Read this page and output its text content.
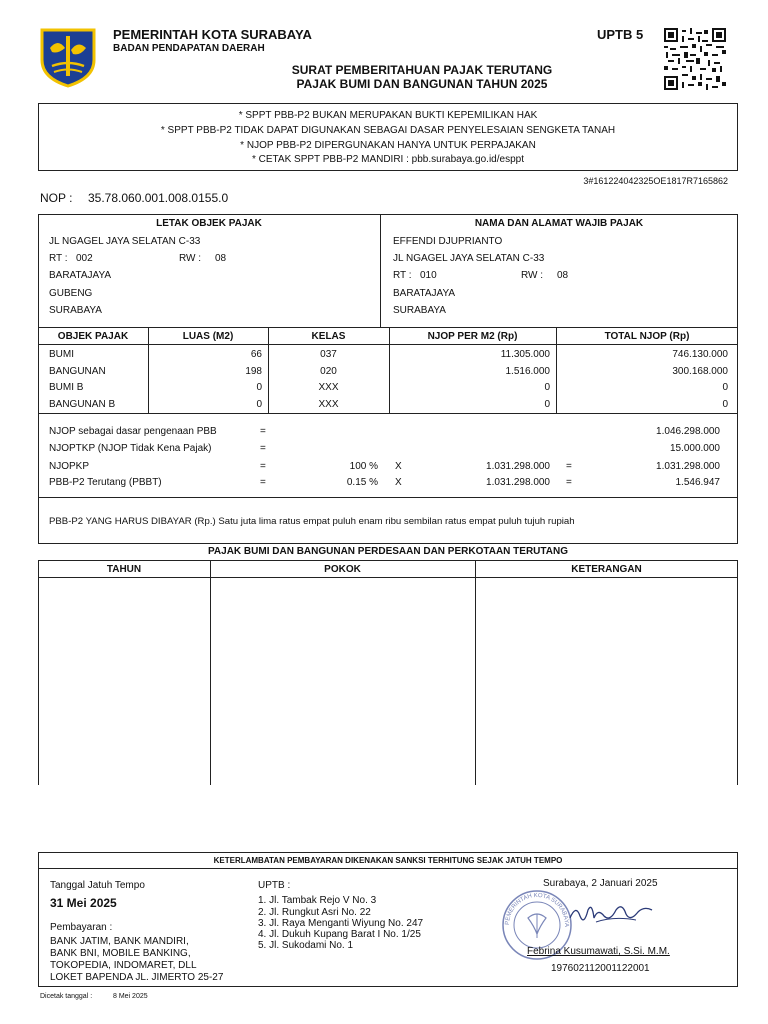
PEMERINTAH KOTA SURABAYA
BADAN PENDAPATAN DAERAH
UPTB 5
SURAT PEMBERITAHUAN PAJAK TERUTANG
PAJAK BUMI DAN BANGUNAN TAHUN 2025
* SPPT PBB-P2 BUKAN MERUPAKAN BUKTI KEPEMILIKAN HAK
* SPPT PBB-P2 TIDAK DAPAT DIGUNAKAN SEBAGAI DASAR PENYELESAIAN SENGKETA TANAH
* NJOP PBB-P2 DIPERGUNAKAN HANYA UNTUK PERPAJAKAN
* CETAK SPPT PBB-P2 MANDIRI : pbb.surabaya.go.id/esppt
3#161224042325OE1817R7165862
NOP : 35.78.060.001.008.0155.0
LETAK OBJEK PAJAK
JL NGAGEL JAYA SELATAN C-33
RT : 002	RW : 08
BARATAJAYA
GUBENG
SURABAYA
NAMA DAN ALAMAT WAJIB PAJAK
EFFENDI DJUPRIANTO
JL NGAGEL JAYA SELATAN C-33
RT : 010	RW : 08
BARATAJAYA
SURABAYA
OBJEK PAJAK	LUAS (M2)	KELAS	NJOP PER M2 (Rp)	TOTAL NJOP (Rp)
BUMI	66	037	11.305.000	746.130.000
BANGUNAN	198	020	1.516.000	300.168.000
BUMI B	0	XXX	0	0
BANGUNAN B	0	XXX	0	0
NJOP sebagai dasar pengenaan PBB	=	1.046.298.000
NJOPTKP (NJOP Tidak Kena Pajak)	=	15.000.000
NJOPKP	=	100 % X	1.031.298.000 =	1.031.298.000
PBB-P2 Terutang (PBBT)	=	0.15 % X	1.031.298.000 =	1.546.947
PBB-P2 YANG HARUS DIBAYAR (Rp.) Satu juta lima ratus empat puluh enam ribu sembilan ratus empat puluh tujuh rupiah
PAJAK BUMI DAN BANGUNAN PERDESAAN DAN PERKOTAAN TERUTANG
TAHUN	POKOK	KETERANGAN
KETERLAMBATAN PEMBAYARAN DIKENAKAN SANKSI TERHITUNG SEJAK JATUH TEMPO
Tanggal Jatuh Tempo
31 Mei 2025
Pembayaran :
BANK JATIM, BANK MANDIRI,
BANK BNI, MOBILE BANKING,
TOKOPEDIA, INDOMARET, DLL
LOKET BAPENDA JL. JIMERTO 25-27
UPTB :
1. Jl. Tambak Rejo V No. 3
2. Jl. Rungkut Asri No. 22
3. Jl. Raya Menganti Wiyung No. 247
4. Jl. Dukuh Kupang Barat I No. 1/25
5. Jl. Sukodami No. 1
Surabaya, 2 Januari 2025
PEMERINTAH KOTA SURABAYA
Febrina Kusumawati, S.Si. M.M.
197602112001122001
Dicetak tanggal :	8 Mei 2025
